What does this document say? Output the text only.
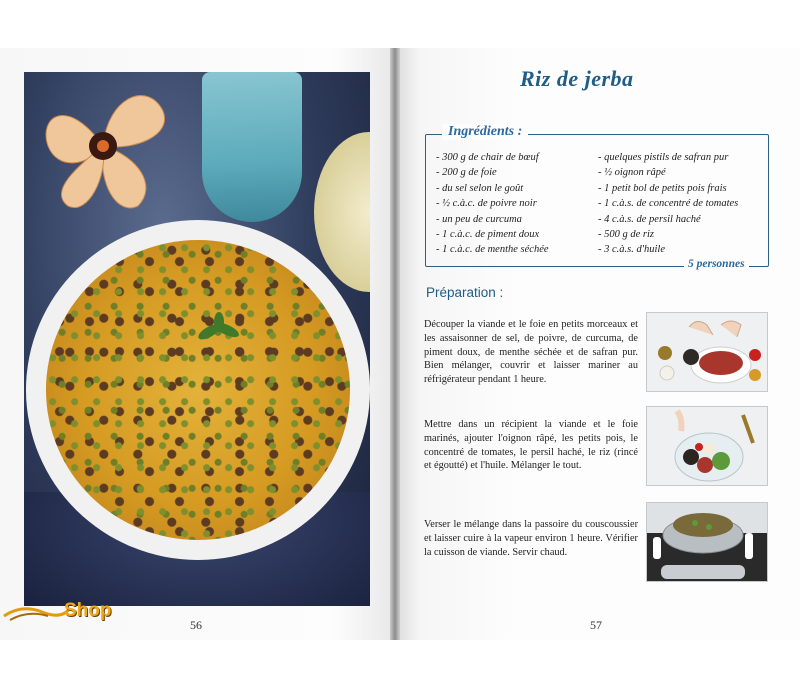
56
Shop
Riz de jerba
Ingrédients :
- 300 g de chair de bœuf
- 200 g de foie
- du sel selon le goût
- ½ c.à.c. de poivre noir
- un peu de curcuma
- 1 c.à.c. de piment doux
- 1 c.à.c. de menthe séchée
- quelques pistils de safran pur
- ½ oignon râpé
- 1 petit bol de petits pois frais
- 1 c.à.s. de concentré de tomates
- 4 c.à.s. de persil haché
- 500 g de riz
- 3 c.à.s. d'huile
5 personnes
Préparation :

Découper la viande et le foie en petits morceaux et les assaisonner de sel, de poivre, de curcuma, de piment doux, de menthe séchée et de safran pur. Bien mélanger, couvrir et laisser mariner au réfrigérateur pendant 1 heure.

Mettre dans un récipient la viande et le foie marinés, ajouter l'oignon râpé, les petits pois, le concentré de tomates, le persil haché, le riz (rincé et égoutté) et l'huile. Mélanger le tout.

Verser le mélange dans la passoire du couscoussier et laisser cuire à la vapeur environ 1 heure. Vérifier la cuisson de viande. Servir chaud.

57
